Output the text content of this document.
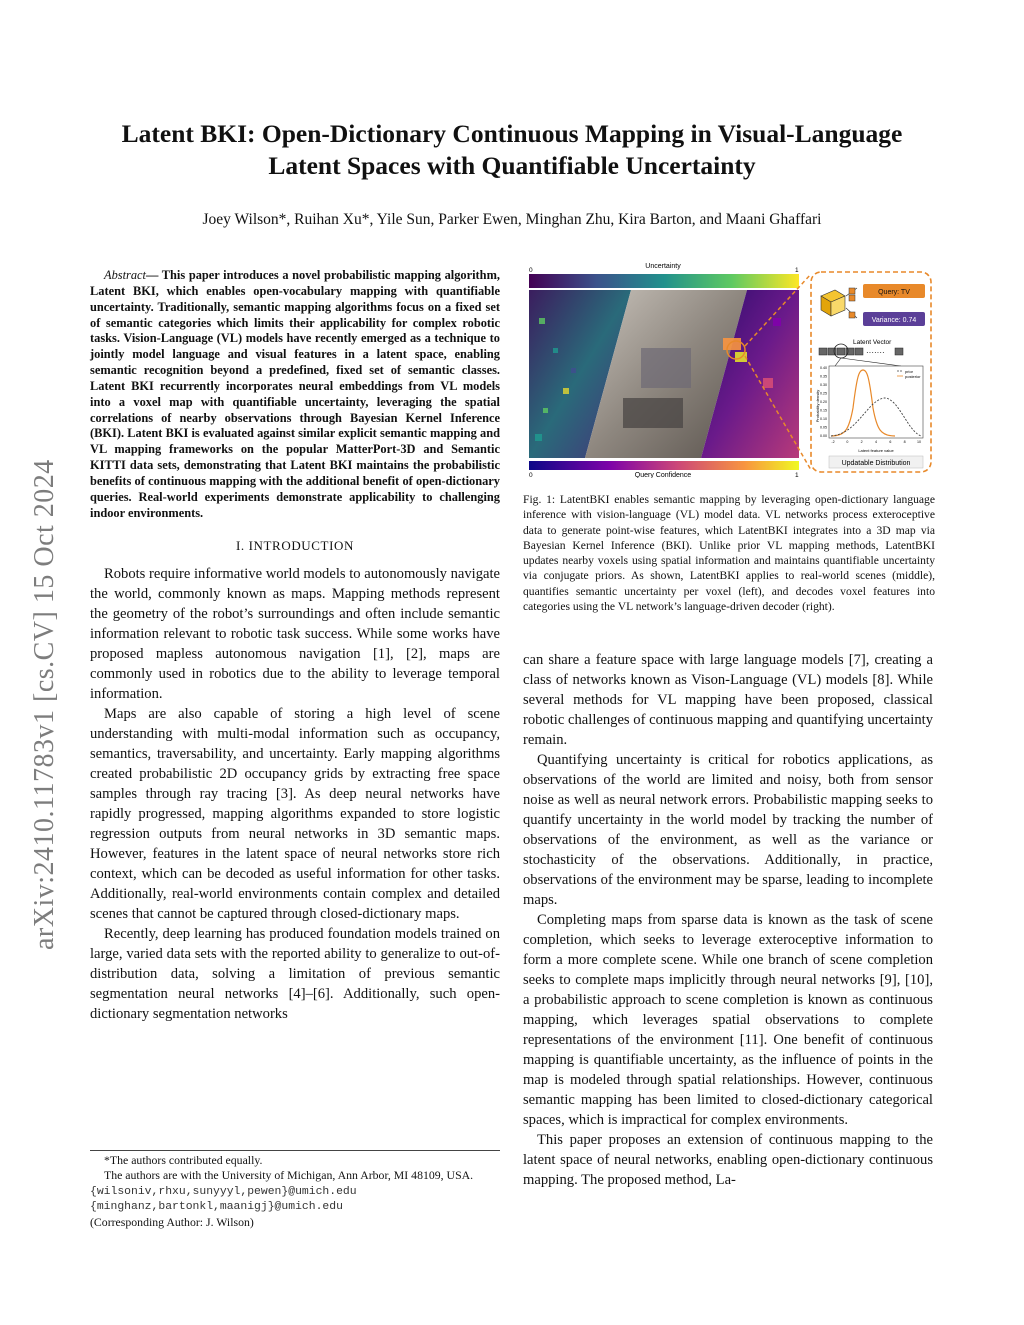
arXiv:2410.11783v1 [cs.CV] 15 Oct 2024
Latent BKI: Open-Dictionary Continuous Mapping in Visual-Language
Latent Spaces with Quantifiable Uncertainty
Joey Wilson*, Ruihan Xu*, Yile Sun, Parker Ewen, Minghan Zhu, Kira Barton, and Maani Ghaffari

Abstract— This paper introduces a novel probabilistic mapping algorithm, Latent BKI, which enables open-vocabulary mapping with quantifiable uncertainty. Traditionally, semantic mapping algorithms focus on a fixed set of semantic categories which limits their applicability for complex robotic tasks. Vision-Language (VL) models have recently emerged as a technique to jointly model language and visual features in a latent space, enabling semantic recognition beyond a predefined, fixed set of semantic classes. Latent BKI recurrently incorporates neural embeddings from VL models into a voxel map with quantifiable uncertainty, leveraging the spatial correlations of nearby observations through Bayesian Kernel Inference (BKI). Latent BKI is evaluated against similar explicit semantic mapping and VL mapping frameworks on the popular MatterPort-3D and Semantic KITTI data sets, demonstrating that Latent BKI maintains the probabilistic benefits of continuous mapping with the additional benefit of open-dictionary queries. Real-world experiments demonstrate applicability to challenging indoor environments.

I. INTRODUCTION

Robots require informative world models to autonomously navigate the world, commonly known as maps. Mapping methods represent the geometry of the robot’s surroundings and often include semantic information relevant to robotic task success. While some works have proposed mapless autonomous navigation [1], [2], maps are commonly used in robotics due to the ability to leverage temporal information.

Maps are also capable of storing a high level of scene understanding with multi-modal information such as occupancy, semantics, traversability, and uncertainty. Early mapping algorithms created probabilistic 2D occupancy grids by extracting free space samples through ray tracing [3]. As deep neural networks have rapidly progressed, mapping algorithms expanded to store logistic regression outputs from neural networks in 3D semantic maps. However, features in the latent space of neural networks store rich context, which can be decoded as useful information for other tasks. Additionally, real-world environments contain complex and detailed scenes that cannot be captured through closed-dictionary maps.

Recently, deep learning has produced foundation models trained on large, varied data sets with the reported ability to generalize to out-of-distribution data, solving a limitation of previous semantic segmentation neural networks [4]–[6]. Additionally, such open-dictionary segmentation networks

*The authors contributed equally.
The authors are with the University of Michigan, Ann Arbor, MI 48109, USA. {wilsoniv,rhxu,sunyyyl,pewen}@umich.edu
{minghanz,bartonkl,maanigj}@umich.edu
(Corresponding Author: J. Wilson)
Uncertainty
0	1
Query Confidence
0	1
Query: TV
Variance: 0.74
Latent Vector
·······
0.40
0.35
0.30
0.25
0.20
0.15
0.10
0.05
0.00
-2	0	2	4	6	8	10
prior
posterior
Probability density
Latent feature value
Updatable Distribution
Fig. 1: LatentBKI enables semantic mapping by leveraging open-dictionary language inference with vision-language (VL) model data. VL networks process exteroceptive data to generate point-wise features, which LatentBKI integrates into a 3D map via Bayesian Kernel Inference (BKI). Unlike prior VL mapping methods, LatentBKI updates nearby voxels using spatial information and maintains quantifiable uncertainty via conjugate priors. As shown, LatentBKI applies to real-world scenes (middle), quantifies semantic uncertainty per voxel (left), and decodes voxel features into categories using the VL network’s language-driven decoder (right).

can share a feature space with large language models [7], creating a class of networks known as Vison-Language (VL) models [8]. While several methods for VL mapping have been proposed, classical robotic challenges of continuous mapping and quantifying uncertainty remain.

Quantifying uncertainty is critical for robotics applications, as observations of the world are limited and noisy, both from sensor noise as well as neural network errors. Probabilistic mapping seeks to quantify uncertainty in the world model by tracking the number of observations of the environment, as well as the variance or stochasticity of the observations. Additionally, in practice, observations of the environment may be sparse, leading to incomplete maps.

Completing maps from sparse data is known as the task of scene completion, which seeks to leverage exteroceptive information to form a more complete scene. While one branch of scene completion seeks to complete maps implicitly through neural networks [9], [10], a probabilistic approach to scene completion is known as continuous mapping, which leverages spatial observations to complete representations of the environment [11]. One benefit of continuous mapping is quantifiable uncertainty, as the influence of points in the map is modeled through spatial relationships. However, continuous semantic mapping has been limited to closed-dictionary categorical spaces, which is impractical for complex environments.

This paper proposes an extension of continuous mapping to the latent space of neural networks, enabling open-dictionary continuous mapping. The proposed method, La-
